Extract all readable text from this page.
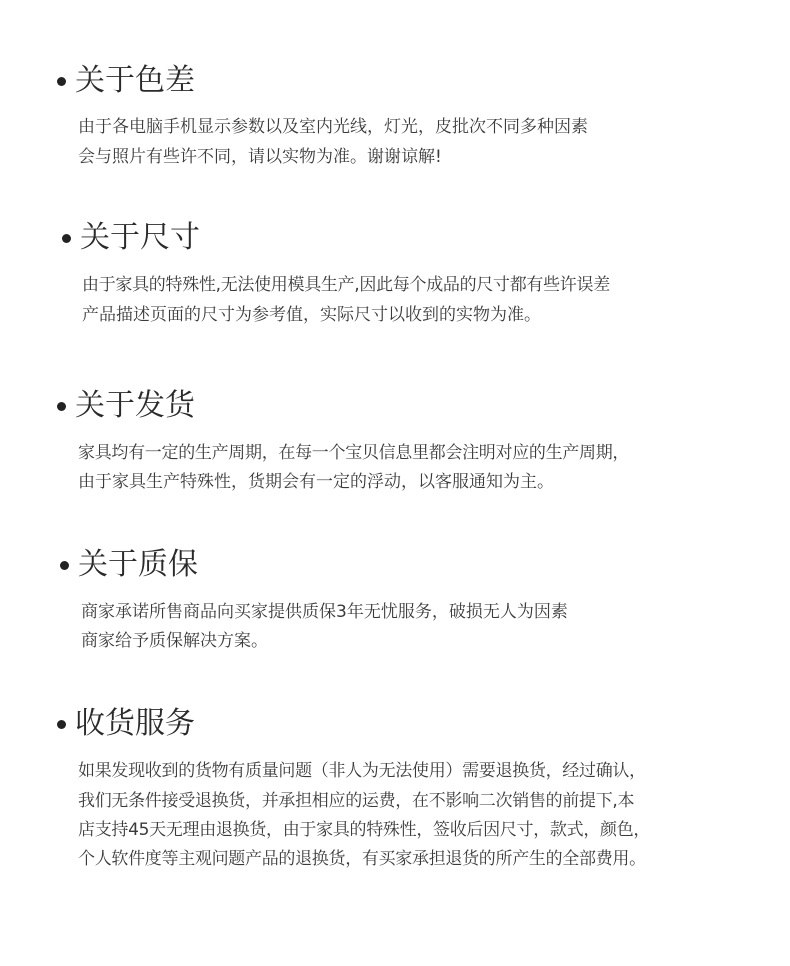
关于色差
由于各电脑手机显示参数以及室内光线，灯光，皮批次不同多种因素
会与照片有些许不同，请以实物为准。谢谢谅解!
关于尺寸
由于家具的特殊性,无法使用模具生产,因此每个成品的尺寸都有些许误差
产品描述页面的尺寸为参考值，实际尺寸以收到的实物为准。
关于发货
家具均有一定的生产周期，在每一个宝贝信息里都会注明对应的生产周期，
由于家具生产特殊性，货期会有一定的浮动，以客服通知为主。
关于质保
商家承诺所售商品向买家提供质保3年无忧服务，破损无人为因素
商家给予质保解决方案。
收货服务
如果发现收到的货物有质量问题（非人为无法使用）需要退换货，经过确认，
我们无条件接受退换货，并承担相应的运费，在不影响二次销售的前提下,本
店支持45天无理由退换货，由于家具的特殊性，签收后因尺寸，款式，颜色，
个人软件度等主观问题产品的退换货，有买家承担退货的所产生的全部费用。
